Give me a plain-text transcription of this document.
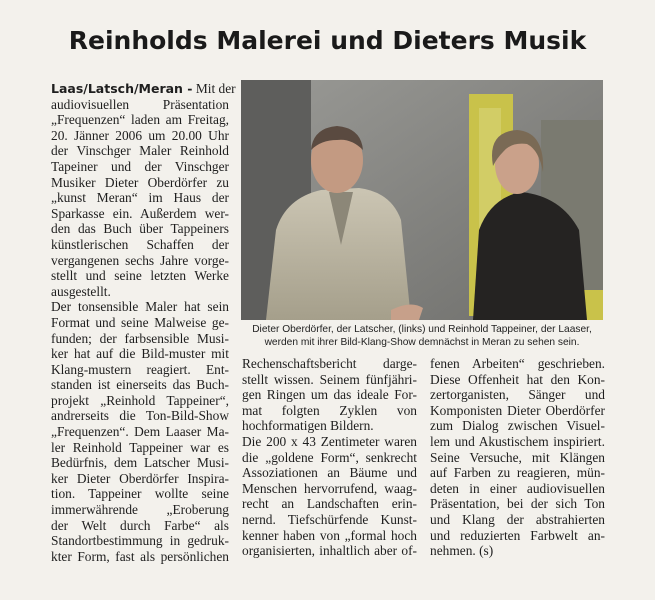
Reinholds Malerei und Dieters Musik
Laas/Latsch/Meran - Mit der
audiovisuellen Präsentation
„Frequenzen“ laden am Freitag,
20. Jänner 2006 um 20.00 Uhr
der Vinschger Maler Reinhold
Tapeiner und der Vinschger
Musiker Dieter Oberdörfer zu
„kunst Meran“ im Haus der
Sparkasse ein. Außerdem wer-
den das Buch über Tappeiners
künstlerischen Schaffen der
vergangenen sechs Jahre vorge-
stellt und seine letzten Werke
ausgestellt.
Der tonsensible Maler hat sein
Format und seine Malweise ge-
funden; der farbsensible Musi-
ker hat auf die Bild-muster mit
Klang-mustern reagiert. Ent-
standen ist einerseits das Buch-
projekt „Reinhold Tappeiner“,
andrerseits die Ton-Bild-Show
„Frequenzen“. Dem Laaser Ma-
ler Reinhold Tappeiner war es
Bedürfnis, dem Latscher Musi-
ker Dieter Oberdörfer Inspira-
tion. Tappeiner wollte seine
immerwährende „Eroberung
der Welt durch Farbe“ als
Standortbestimmung in gedruk-
kter Form, fast als persönlichen
Dieter Oberdörfer, der Latscher, (links) und Reinhold Tappeiner, der Laaser,
werden mit ihrer Bild-Klang-Show demnächst in Meran zu sehen sein.
Rechenschaftsbericht darge-
stellt wissen. Seinem fünfjähri-
gen Ringen um das ideale For-
mat folgten Zyklen von
hochformatigen Bildern.
Die 200 x 43 Zentimeter waren
die „goldene Form“, senkrecht
Assoziationen an Bäume und
Menschen hervorrufend, waag-
recht an Landschaften erin-
nernd. Tiefschürfende Kunst-
kenner haben von „formal hoch
organisierten, inhaltlich aber of-
fenen Arbeiten“ geschrieben.
Diese Offenheit hat den Kon-
zertorganisten, Sänger und
Komponisten Dieter Oberdörfer
zum Dialog zwischen Visuel-
lem und Akustischem inspiriert.
Seine Versuche, mit Klängen
auf Farben zu reagieren, mün-
deten in einer audiovisuellen
Präsentation, bei der sich Ton
und Klang der abstrahierten
und reduzierten Farbwelt an-
nehmen. (s)
